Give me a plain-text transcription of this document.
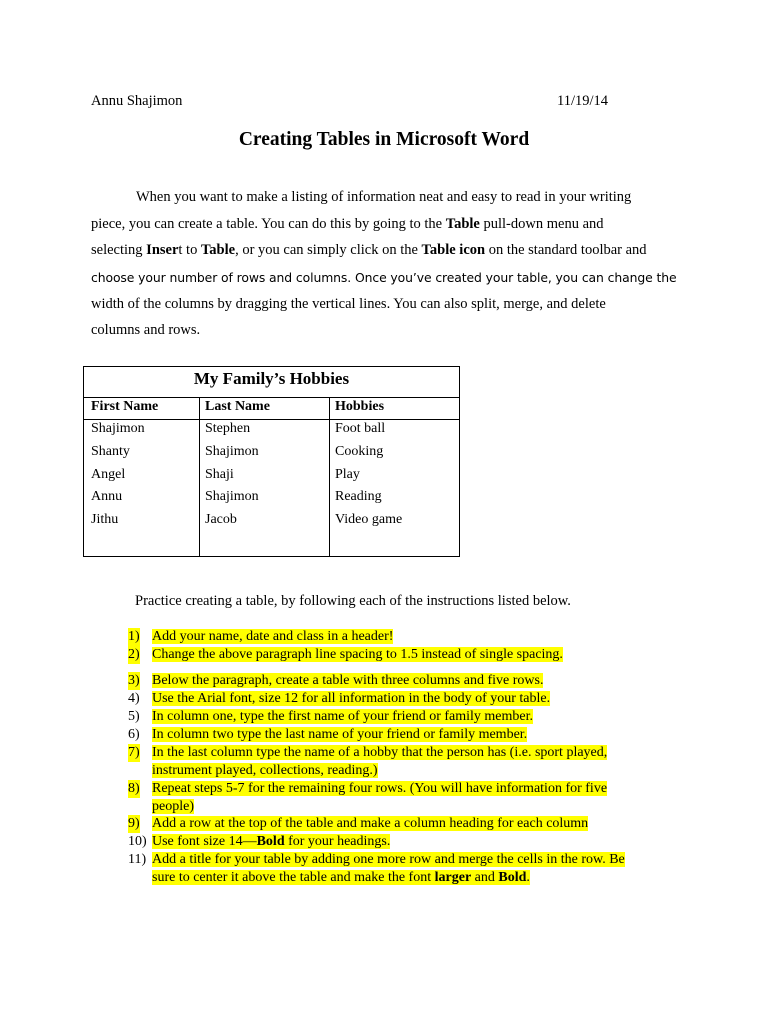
Annu Shajimon	11/19/14
Creating Tables in Microsoft Word
When you want to make a listing of information neat and easy to read in your writing
piece, you can create a table. You can do this by going to the Table pull-down menu and
selecting Insert to Table, or you can simply click on the Table icon on the standard toolbar and
choose your number of rows and columns. Once you’ve created your table, you can change the
width of the columns by dragging the vertical lines. You can also split, merge, and delete
columns and rows.
My Family’s Hobbies
First Name	Last Name	Hobbies
Shajimon	Stephen	Foot ball
Shanty	Shajimon	Cooking
Angel	Shaji	Play
Annu	Shajimon	Reading
Jithu	Jacob	Video game
Practice creating a table, by following each of the instructions listed below.
1) Add your name, date and class in a header!
2) Change the above paragraph line spacing to 1.5 instead of single spacing.
3) Below the paragraph, create a table with three columns and five rows.
4) Use the Arial font, size 12 for all information in the body of your table.
5) In column one, type the first name of your friend or family member.
6) In column two type the last name of your friend or family member.
7) In the last column type the name of a hobby that the person has (i.e. sport played,
instrument played, collections, reading.)
8) Repeat steps 5-7 for the remaining four rows. (You will have information for five
people)
9) Add a row at the top of the table and make a column heading for each column
10) Use font size 14—Bold for your headings.
11) Add a title for your table by adding one more row and merge the cells in the row. Be
sure to center it above the table and make the font larger and Bold.
